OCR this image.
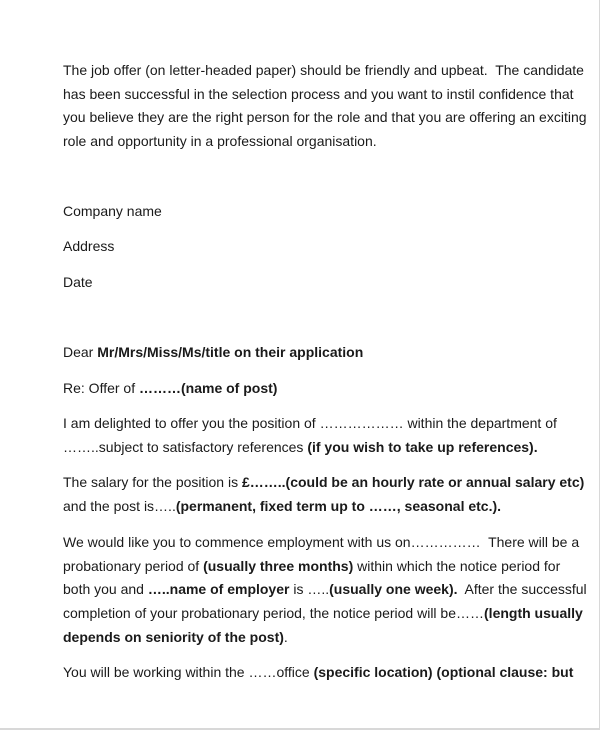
The job offer (on letter-headed paper) should be friendly and upbeat.  The candidate
has been successful in the selection process and you want to instil confidence that
you believe they are the right person for the role and that you are offering an exciting
role and opportunity in a professional organisation.
Company name
Address
Date
Dear Mr/Mrs/Miss/Ms/title on their application
Re: Offer of ………(name of post)
I am delighted to offer you the position of ……………… within the department of
……..subject to satisfactory references (if you wish to take up references).
The salary for the position is £……..(could be an hourly rate or annual salary etc)
and the post is…..(permanent, fixed term up to ……, seasonal etc.).
We would like you to commence employment with us on……………  There will be a
probationary period of (usually three months) within which the notice period for
both you and …..name of employer is …..(usually one week).  After the successful
completion of your probationary period, the notice period will be……(length usually
depends on seniority of the post).
You will be working within the ……office (specific location) (optional clause: but
